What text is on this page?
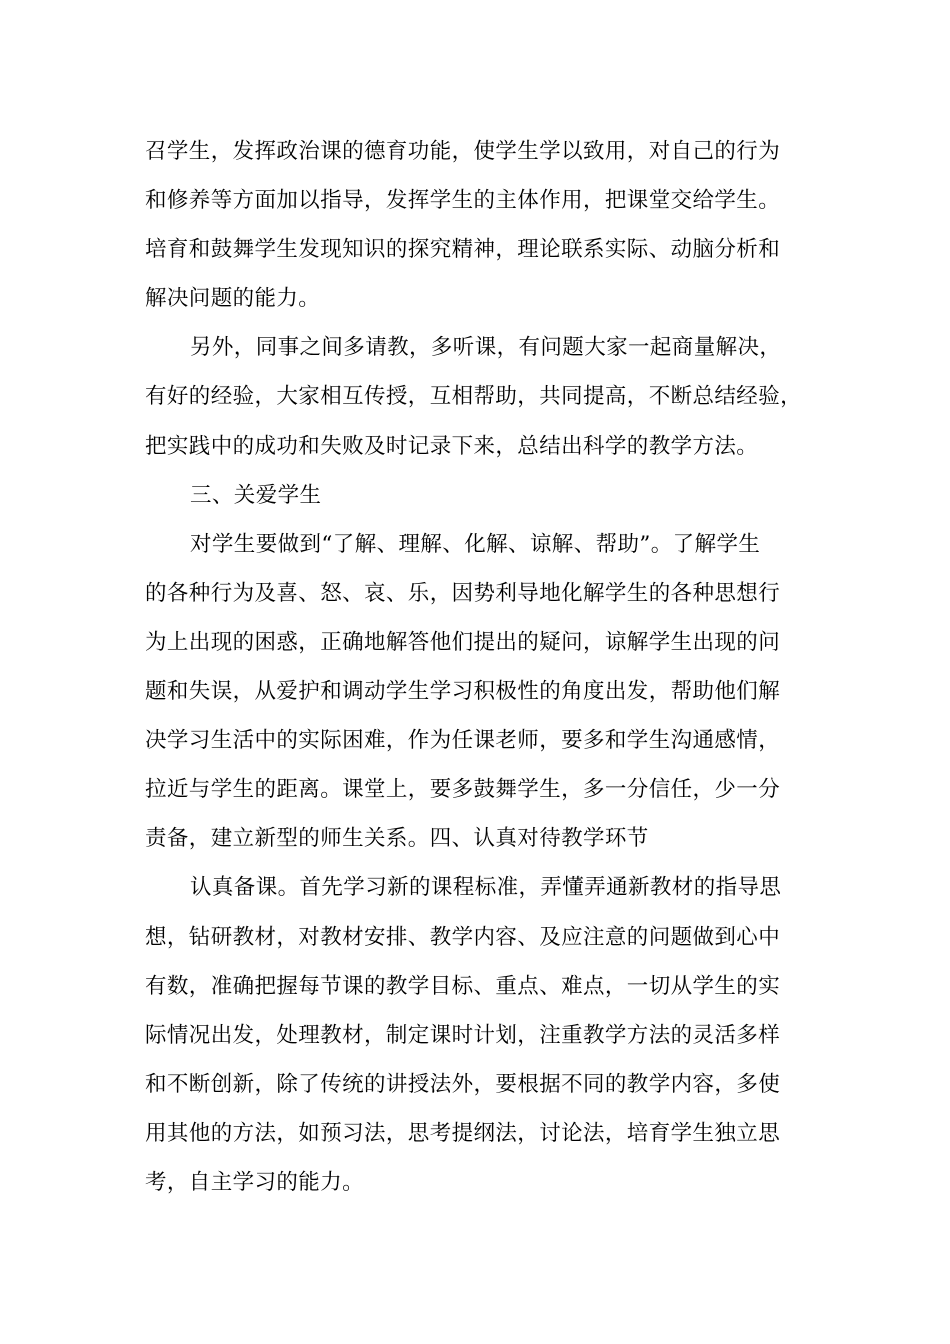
召学生，发挥政治课的德育功能，使学生学以致用，对自己的行为
和修养等方面加以指导，发挥学生的主体作用，把课堂交给学生。
培育和鼓舞学生发现知识的探究精神，理论联系实际、动脑分析和
解决问题的能力。
另外，同事之间多请教，多听课，有问题大家一起商量解决，
有好的经验，大家相互传授，互相帮助，共同提高，不断总结经验，
把实践中的成功和失败及时记录下来，总结出科学的教学方法。
三、关爱学生
对学生要做到“了解、理解、化解、谅解、帮助”。了解学生
的各种行为及喜、怒、哀、乐，因势利导地化解学生的各种思想行
为上出现的困惑，正确地解答他们提出的疑问，谅解学生出现的问
题和失误，从爱护和调动学生学习积极性的角度出发，帮助他们解
决学习生活中的实际困难，作为任课老师，要多和学生沟通感情，
拉近与学生的距离。课堂上，要多鼓舞学生，多一分信任，少一分
责备，建立新型的师生关系。四、认真对待教学环节
认真备课。首先学习新的课程标准，弄懂弄通新教材的指导思
想，钻研教材，对教材安排、教学内容、及应注意的问题做到心中
有数，准确把握每节课的教学目标、重点、难点，一切从学生的实
际情况出发，处理教材，制定课时计划，注重教学方法的灵活多样
和不断创新，除了传统的讲授法外，要根据不同的教学内容，多使
用其他的方法，如预习法，思考提纲法，讨论法，培育学生独立思
考，自主学习的能力。
